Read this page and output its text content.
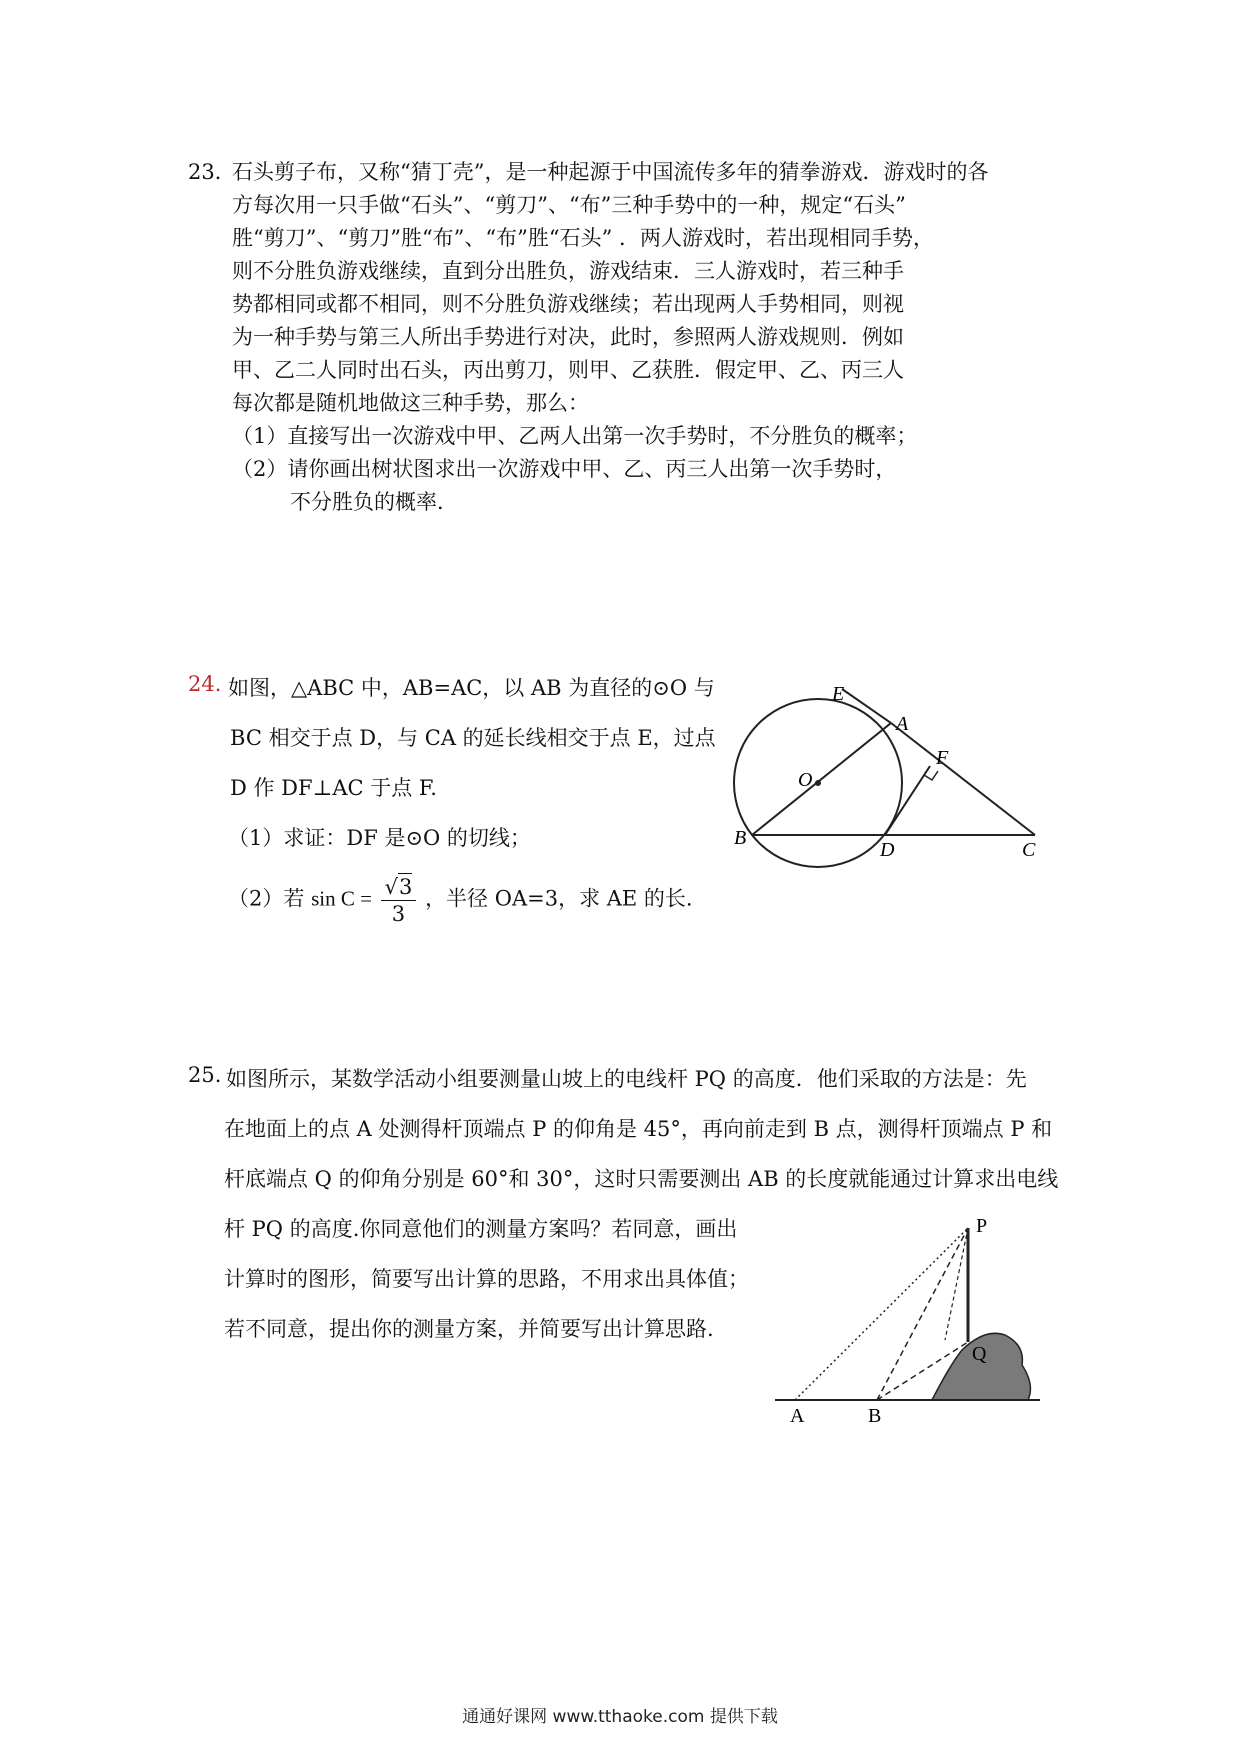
23．
石头剪子布，又称“猜丁壳”，是一种起源于中国流传多年的猜拳游戏．游戏时的各
方每次用一只手做“石头”、“剪刀”、“布”三种手势中的一种，规定“石头”
胜“剪刀”、“剪刀”胜“布”、“布”胜“石头” ．两人游戏时，若出现相同手势，
则不分胜负游戏继续，直到分出胜负，游戏结束．三人游戏时，若三种手
势都相同或都不相同，则不分胜负游戏继续；若出现两人手势相同，则视
为一种手势与第三人所出手势进行对决，此时，参照两人游戏规则．例如
甲、乙二人同时出石头，丙出剪刀，则甲、乙获胜．假定甲、乙、丙三人
每次都是随机地做这三种手势，那么：
（1）直接写出一次游戏中甲、乙两人出第一次手势时，不分胜负的概率；
（2）请你画出树状图求出一次游戏中甲、乙、丙三人出第一次手势时，
不分胜负的概率．
24. 如图，△ABC 中，AB=AC，以 AB 为直径的⊙O 与
BC 相交于点 D，与 CA 的延长线相交于点 E，过点
D 作 DF⊥AC 于点 F.
（1）求证：DF 是⊙O 的切线；
（2）若 $\sin C = \frac{√3}{3}$ ，半径 OA=3，求 AE 的长.
E
A
F
O
B
D	C
25. 如图所示，某数学活动小组要测量山坡上的电线杆 PQ 的高度．他们采取的方法是：先
在地面上的点 A 处测得杆顶端点 P 的仰角是 45°，再向前走到 B 点，测得杆顶端点 P 和
杆底端点 Q 的仰角分别是 60°和 30°，这时只需要测出 AB 的长度就能通过计算求出电线
杆 PQ 的高度.你同意他们的测量方案吗？若同意，画出
计算时的图形，简要写出计算的思路，不用求出具体值；
若不同意，提出你的测量方案，并简要写出计算思路.
P
Q
A	B
通通好课网 www.tthaoke.com 提供下载
